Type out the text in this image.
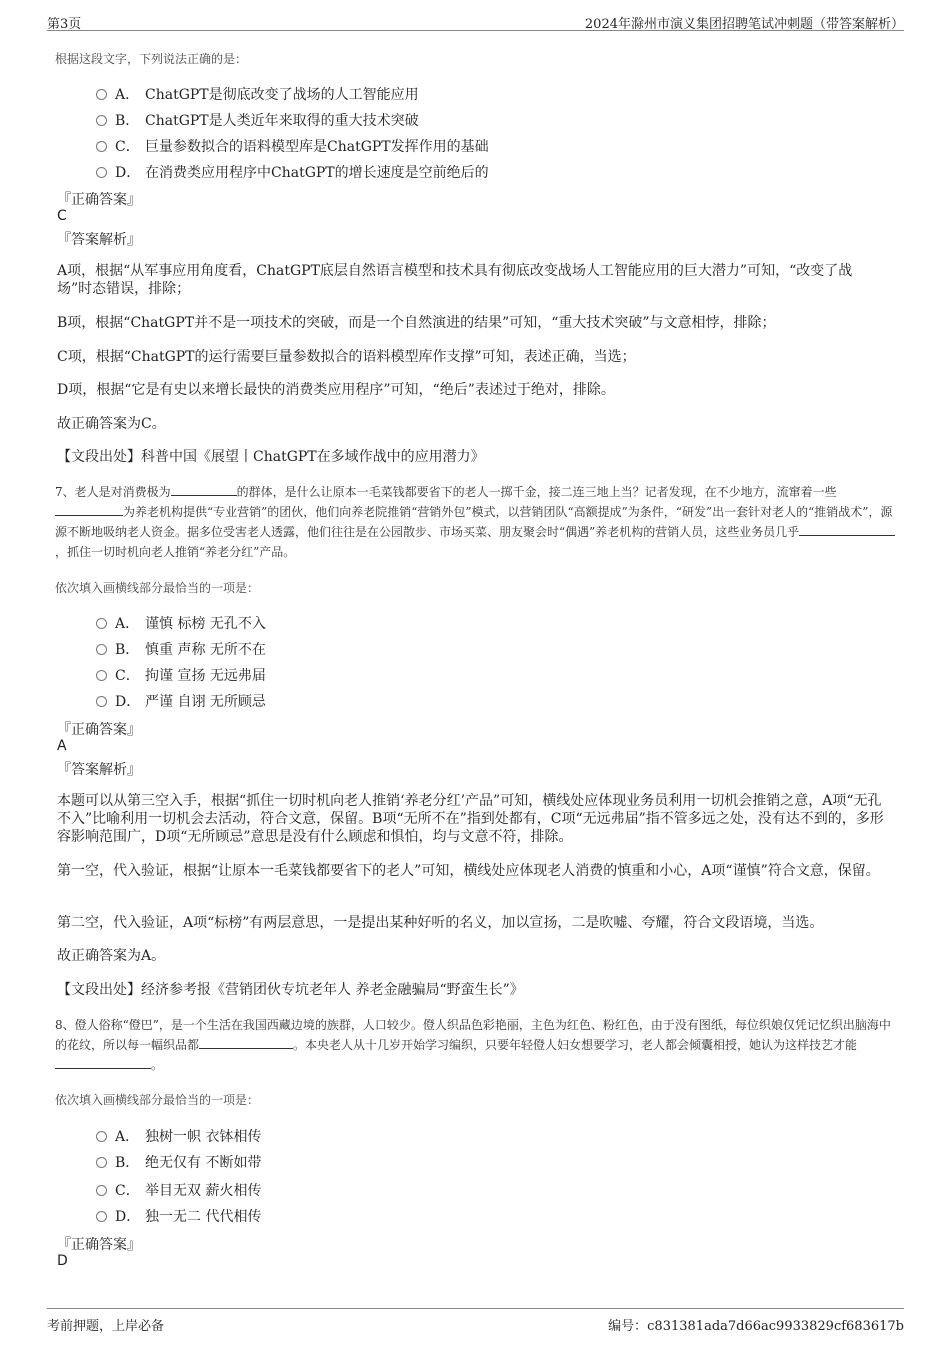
第3页	2024年滁州市演义集团招聘笔试冲刺题（带答案解析）
根据这段文字，下列说法正确的是：
A． ChatGPT是彻底改变了战场的人工智能应用
B． ChatGPT是人类近年来取得的重大技术突破
C． 巨量参数拟合的语料模型库是ChatGPT发挥作用的基础
D． 在消费类应用程序中ChatGPT的增长速度是空前绝后的
『正确答案』
C
『答案解析』
A项，根据“从军事应用角度看，ChatGPT底层自然语言模型和技术具有彻底改变战场人工智能应用的巨大潜力”可知，“改变了战场”时态错误，排除；
B项，根据“ChatGPT并不是一项技术的突破，而是一个自然演进的结果”可知，“重大技术突破”与文意相悖，排除；
C项，根据“ChatGPT的运行需要巨量参数拟合的语料模型库作支撑”可知，表述正确，当选；
D项，根据“它是有史以来增长最快的消费类应用程序”可知，“绝后”表述过于绝对，排除。
故正确答案为C。
【文段出处】科普中国《展望丨ChatGPT在多域作战中的应用潜力》
7、老人是对消费极为	的群体，是什么让原本一毛菜钱都要省下的老人一掷千金，接二连三地上当？记者发现，在不少地方，流窜着一些为养老机构提供“专业营销”的团伙，他们向养老院推销“营销外包”模式，以营销团队“高额提成”为条件，“研发”出一套针对老人的“推销战术”，源源不断地吸纳老人资金。据多位受害老人透露，他们往往是在公园散步、市场买菜、朋友聚会时“偶遇”养老机构的营销人员，这些业务员几乎，抓住一切时机向老人推销“养老分红”产品。
依次填入画横线部分最恰当的一项是：
A． 谨慎 标榜 无孔不入
B． 慎重 声称 无所不在
C． 拘谨 宣扬 无远弗届
D． 严谨 自诩 无所顾忌
『正确答案』
A
『答案解析』
本题可以从第三空入手，根据“抓住一切时机向老人推销‘养老分红’产品”可知，横线处应体现业务员利用一切机会推销之意，A项“无孔不入”比喻利用一切机会去活动，符合文意，保留。B项“无所不在”指到处都有，C项“无远弗届”指不管多远之处，没有达不到的，多形容影响范围广，D项“无所顾忌”意思是没有什么顾虑和惧怕，均与文意不符，排除。
第一空，代入验证，根据“让原本一毛菜钱都要省下的老人”可知，横线处应体现老人消费的慎重和小心，A项“谨慎”符合文意，保留。
第二空，代入验证，A项“标榜”有两层意思，一是提出某种好听的名义，加以宣扬，二是吹嘘、夸耀，符合文段语境，当选。
故正确答案为A。
【文段出处】经济参考报《营销团伙专坑老年人 养老金融骗局“野蛮生长”》
8、僜人俗称“僜巴”，是一个生活在我国西藏边境的族群，人口较少。僜人织品色彩艳丽，主色为红色、粉红色，由于没有图纸，每位织娘仅凭记忆织出脑海中的花纹，所以每一幅织品都	。本央老人从十几岁开始学习编织，只要年轻僜人妇女想要学习，老人都会倾囊相授，她认为这样技艺才能。
依次填入画横线部分最恰当的一项是：
A． 独树一帜 衣钵相传
B． 绝无仅有 不断如带
C． 举目无双 薪火相传
D． 独一无二 代代相传
『正确答案』
D
考前押题，上岸必备	编号：c831381ada7d66ac9933829cf683617b
